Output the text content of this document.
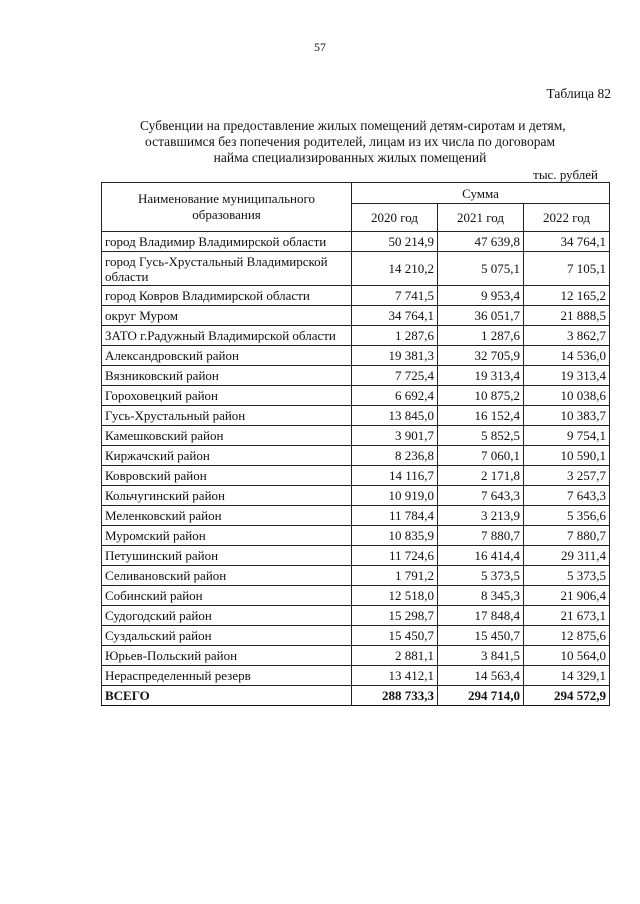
57
Таблица 82
Субвенции на предоставление жилых помещений детям-сиротам и детям,
оставшимся без попечения родителей, лицам из их числа по договорам
найма специализированных жилых помещений
тыс. рублей
Наименование муниципального образования	Сумма		
	2020 год	2021 год	2022 год
город Владимир Владимирской области	50 214,9	47 639,8	34 764,1
город Гусь-Хрустальный Владимирской области	14 210,2	5 075,1	7 105,1
город Ковров Владимирской области	7 741,5	9 953,4	12 165,2
округ Муром	34 764,1	36 051,7	21 888,5
ЗАТО г.Радужный Владимирской области	1 287,6	1 287,6	3 862,7
Александровский район	19 381,3	32 705,9	14 536,0
Вязниковский район	7 725,4	19 313,4	19 313,4
Гороховецкий район	6 692,4	10 875,2	10 038,6
Гусь-Хрустальный район	13 845,0	16 152,4	10 383,7
Камешковский район	3 901,7	5 852,5	9 754,1
Киржачский район	8 236,8	7 060,1	10 590,1
Ковровский район	14 116,7	2 171,8	3 257,7
Кольчугинский район	10 919,0	7 643,3	7 643,3
Меленковский район	11 784,4	3 213,9	5 356,6
Муромский район	10 835,9	7 880,7	7 880,7
Петушинский район	11 724,6	16 414,4	29 311,4
Селивановский район	1 791,2	5 373,5	5 373,5
Собинский район	12 518,0	8 345,3	21 906,4
Судогодский район	15 298,7	17 848,4	21 673,1
Суздальский район	15 450,7	15 450,7	12 875,6
Юрьев-Польский район	2 881,1	3 841,5	10 564,0
Нераспределенный резерв	13 412,1	14 563,4	14 329,1
ВСЕГО	288 733,3	294 714,0	294 572,9
